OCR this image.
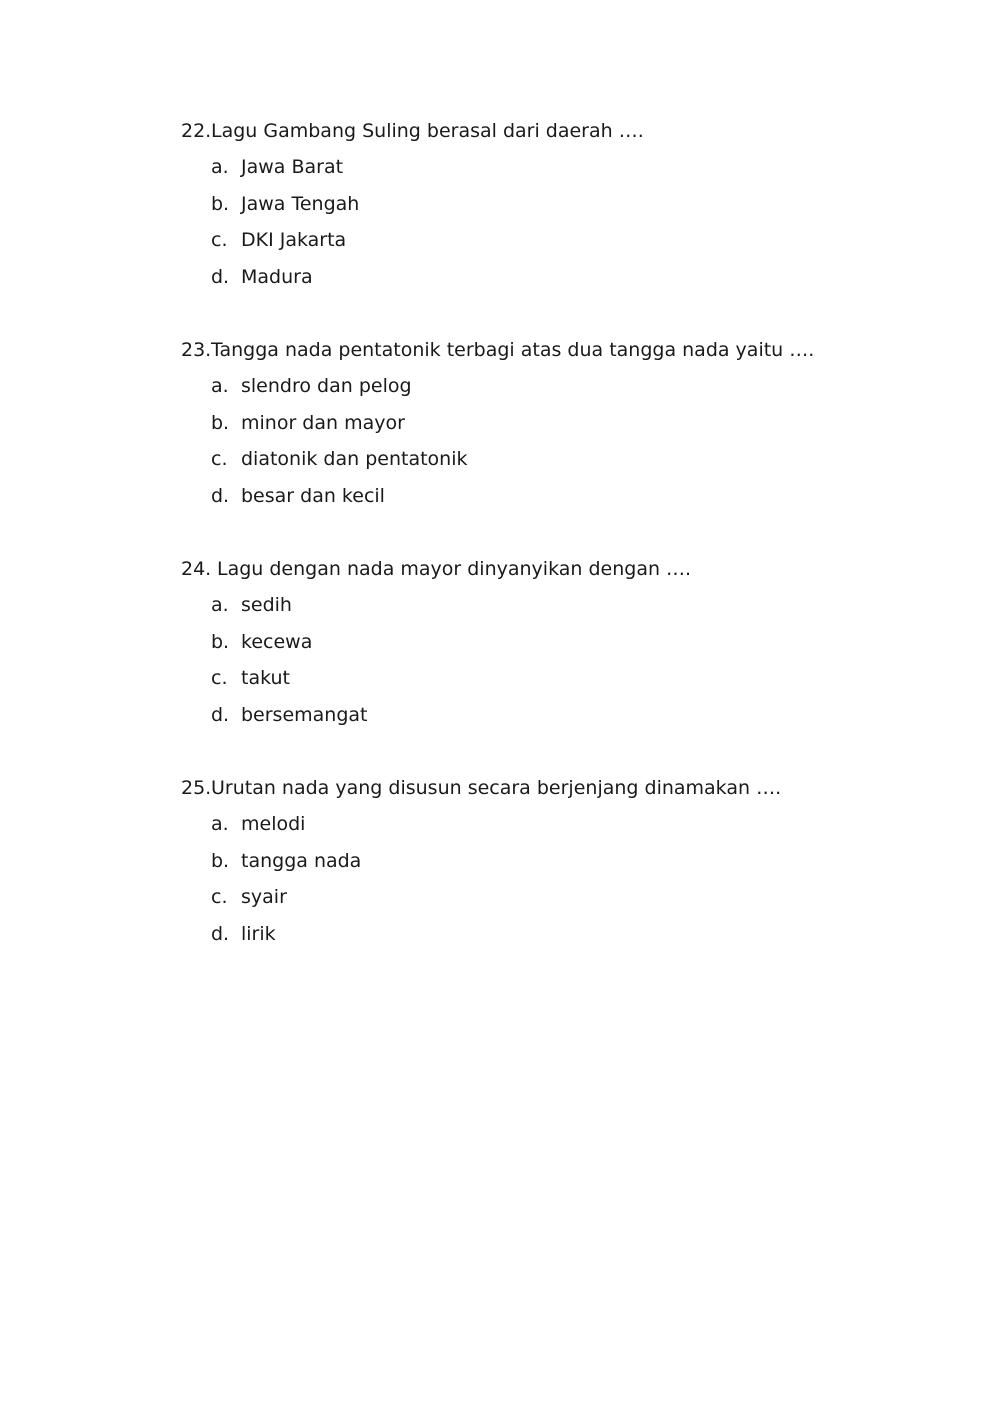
22. Lagu Gambang Suling berasal dari daerah ….
a. Jawa Barat
b. Jawa Tengah
c. DKI Jakarta
d. Madura
23. Tangga nada pentatonik terbagi atas dua tangga nada yaitu ….
a. slendro dan pelog
b. minor dan mayor
c. diatonik dan pentatonik
d. besar dan kecil
24. Lagu dengan nada mayor dinyanyikan dengan ….
a. sedih
b. kecewa
c. takut
d. bersemangat
25. Urutan nada yang disusun secara berjenjang dinamakan ….
a. melodi
b. tangga nada
c. syair
d. lirik
